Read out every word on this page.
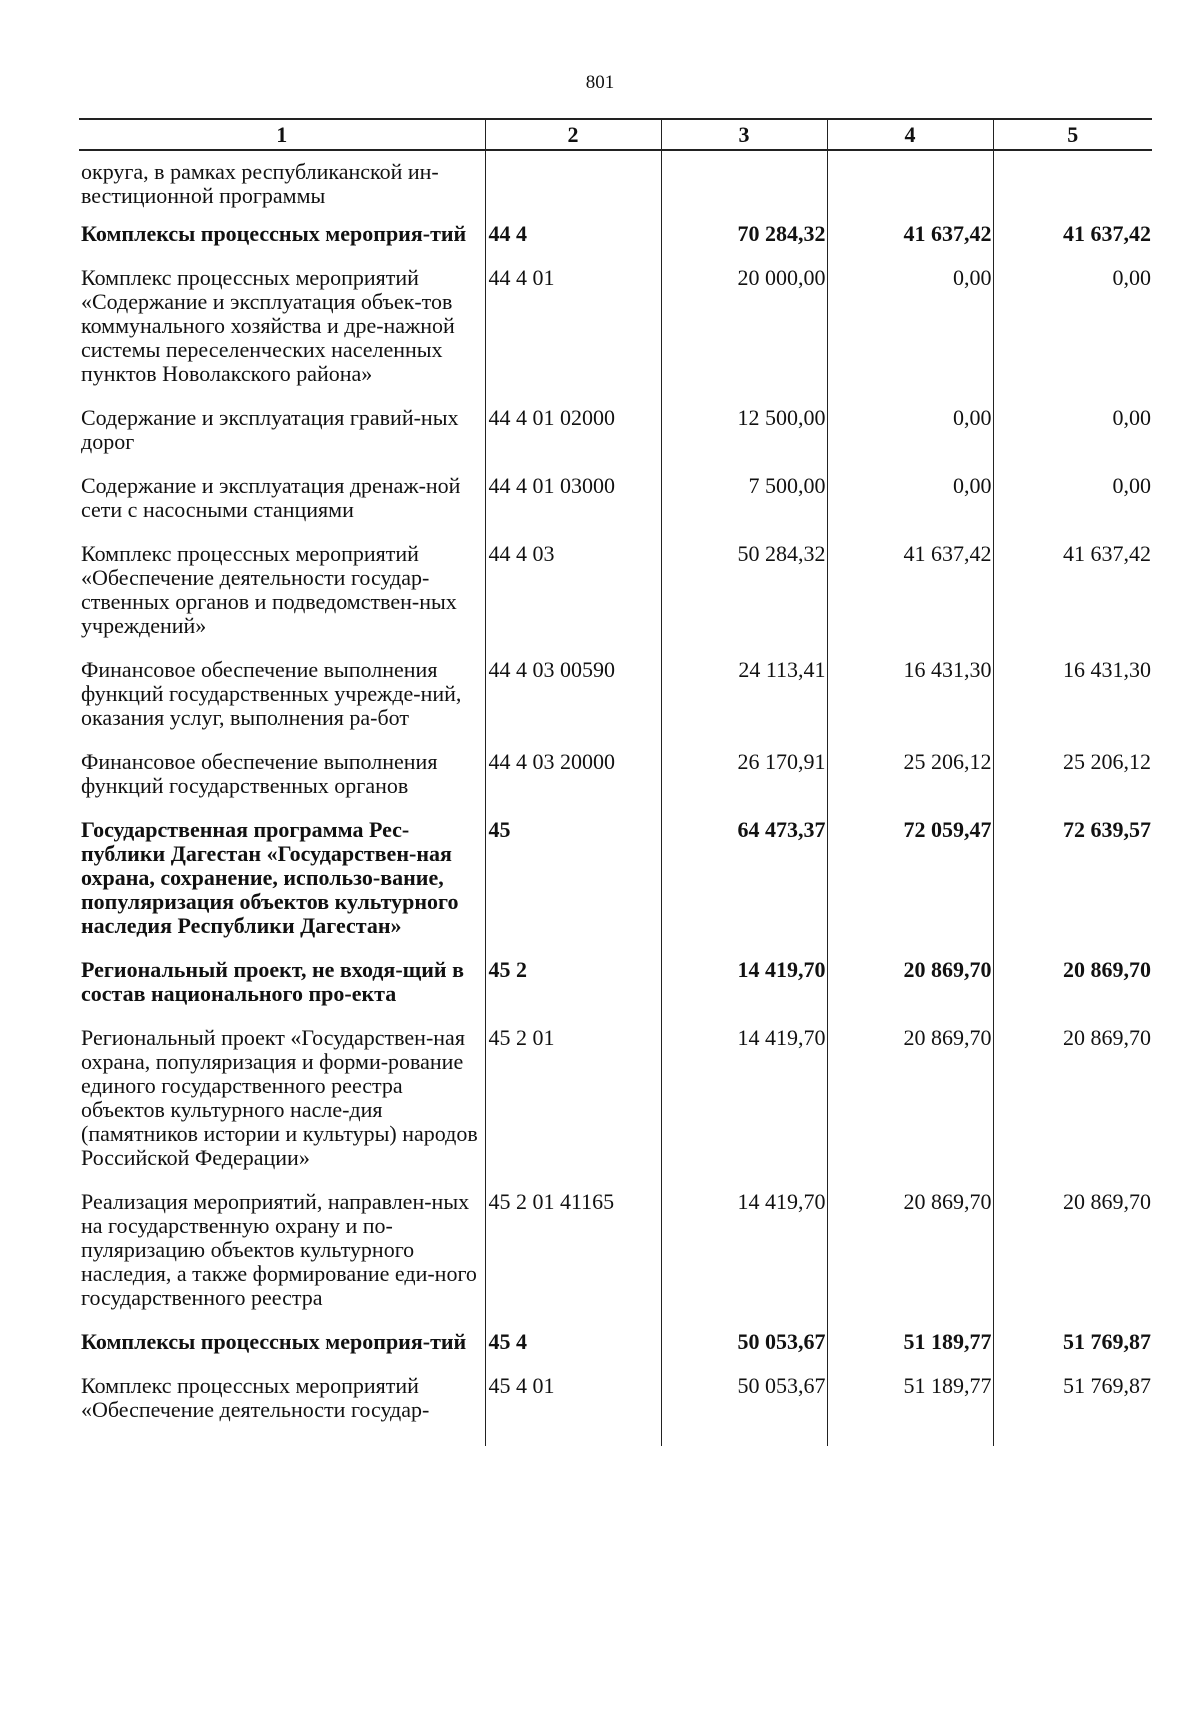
801
1	2	3	4	5
округа, в рамках республиканской ин-вестиционной программы				
Комплексы процессных мероприя-тий	44 4	70 284,32	41 637,42	41 637,42
Комплекс процессных мероприятий «Содержание и эксплуатация объек-тов коммунального хозяйства и дре-нажной системы переселенческих населенных пунктов Новолакского района»	44 4 01	20 000,00	0,00	0,00
Содержание и эксплуатация гравий-ных дорог	44 4 01 02000	12 500,00	0,00	0,00
Содержание и эксплуатация дренаж-ной сети с насосными станциями	44 4 01 03000	7 500,00	0,00	0,00
Комплекс процессных мероприятий «Обеспечение деятельности государ-ственных органов и подведомствен-ных учреждений»	44 4 03	50 284,32	41 637,42	41 637,42
Финансовое обеспечение выполнения функций государственных учрежде-ний, оказания услуг, выполнения ра-бот	44 4 03 00590	24 113,41	16 431,30	16 431,30
Финансовое обеспечение выполнения функций государственных органов	44 4 03 20000	26 170,91	25 206,12	25 206,12
Государственная программа Рес-публики Дагестан «Государствен-ная охрана, сохранение, использо-вание, популяризация объектов культурного наследия Республики Дагестан»	45	64 473,37	72 059,47	72 639,57
Региональный проект, не входя-щий в состав национального про-екта	45 2	14 419,70	20 869,70	20 869,70
Региональный проект «Государствен-ная охрана, популяризация и форми-рование единого государственного реестра объектов культурного насле-дия (памятников истории и культуры) народов Российской Федерации»	45 2 01	14 419,70	20 869,70	20 869,70
Реализация мероприятий, направлен-ных на государственную охрану и по-пуляризацию объектов культурного наследия, а также формирование еди-ного государственного реестра	45 2 01 41165	14 419,70	20 869,70	20 869,70
Комплексы процессных мероприя-тий	45 4	50 053,67	51 189,77	51 769,87
Комплекс процессных мероприятий «Обеспечение деятельности государ-	45 4 01	50 053,67	51 189,77	51 769,87
